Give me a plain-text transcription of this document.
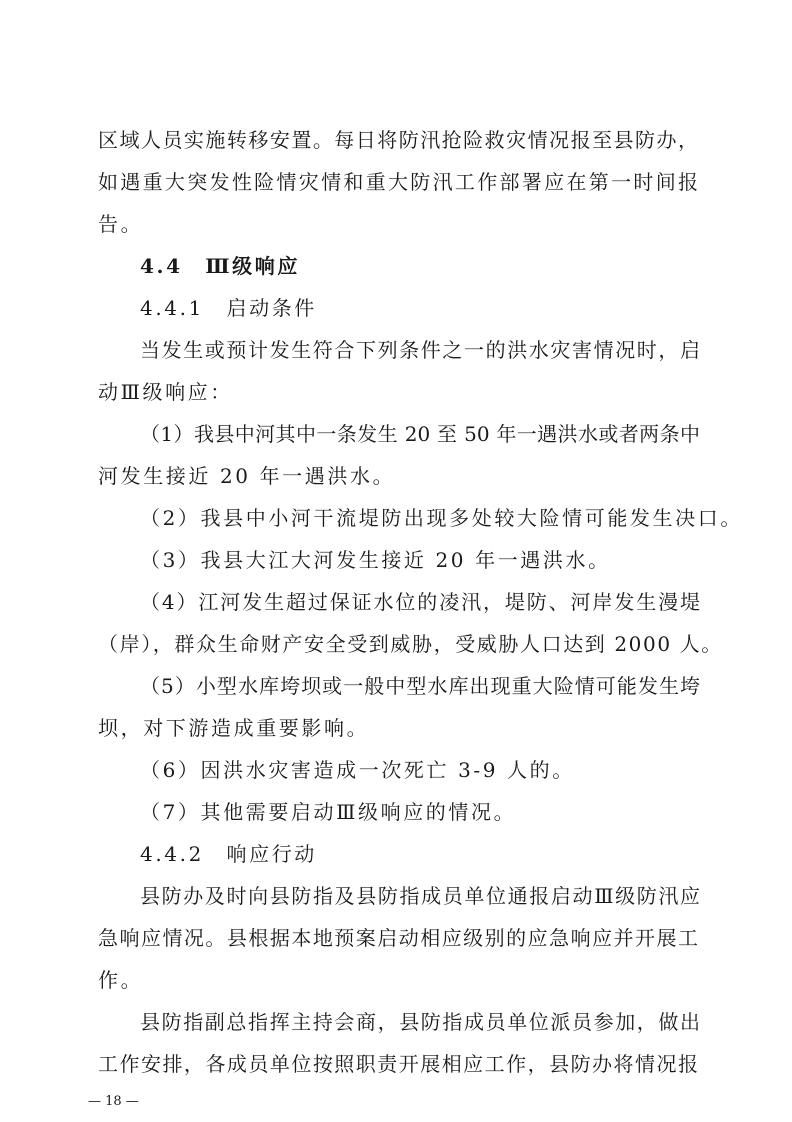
区域人员实施转移安置。每日将防汛抢险救灾情况报至县防办，
如遇重大突发性险情灾情和重大防汛工作部署应在第一时间报
告。
4.4　Ⅲ级响应
4.4.1　启动条件
当发生或预计发生符合下列条件之一的洪水灾害情况时，启
动Ⅲ级响应：
（1）我县中河其中一条发生 20 至 50 年一遇洪水或者两条中
河发生接近 20 年一遇洪水。
（2）我县中小河干流堤防出现多处较大险情可能发生决口。
（3）我县大江大河发生接近 20 年一遇洪水。
（4）江河发生超过保证水位的凌汛，堤防、河岸发生漫堤
（岸），群众生命财产安全受到威胁，受威胁人口达到 2000 人。
（5）小型水库垮坝或一般中型水库出现重大险情可能发生垮
坝，对下游造成重要影响。
（6）因洪水灾害造成一次死亡 3-9 人的。
（7）其他需要启动Ⅲ级响应的情况。
4.4.2　响应行动
县防办及时向县防指及县防指成员单位通报启动Ⅲ级防汛应
急响应情况。县根据本地预案启动相应级别的应急响应并开展工
作。
县防指副总指挥主持会商，县防指成员单位派员参加，做出
工作安排，各成员单位按照职责开展相应工作，县防办将情况报
— 18 —
